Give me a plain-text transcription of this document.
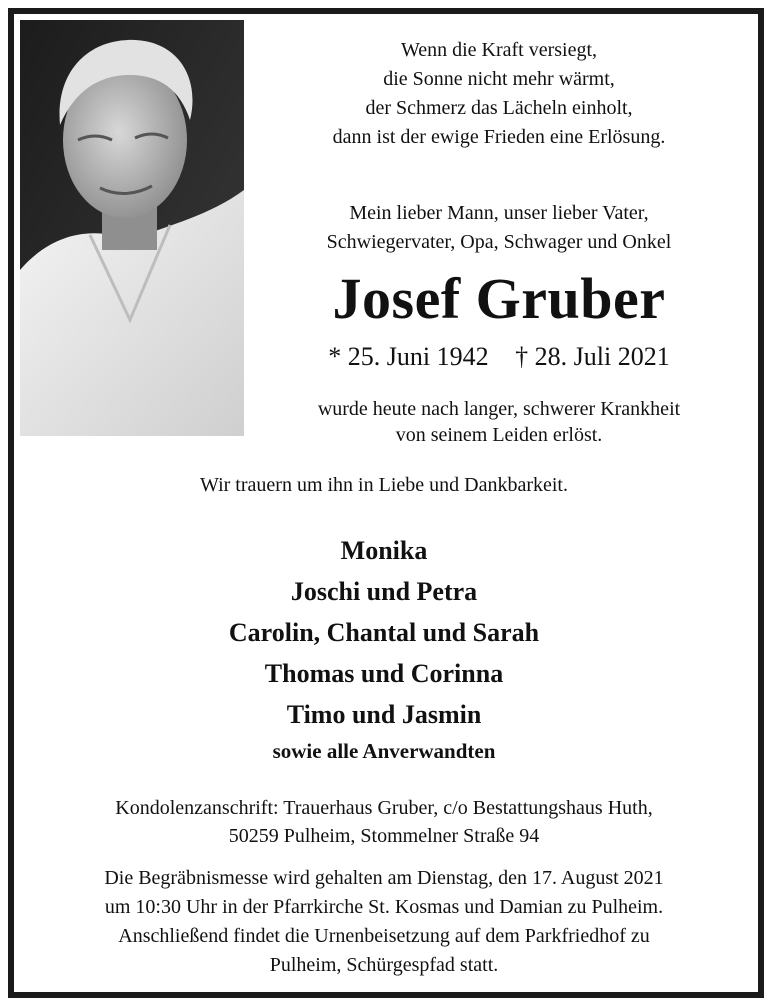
Wenn die Kraft versiegt,
die Sonne nicht mehr wärmt,
der Schmerz das Lächeln einholt,
dann ist der ewige Frieden eine Erlösung.
Mein lieber Mann, unser lieber Vater,
Schwiegervater, Opa, Schwager und Onkel
Josef Gruber
* 25. Juni 1942 † 28. Juli 2021
wurde heute nach langer, schwerer Krankheit
von seinem Leiden erlöst.
Wir trauern um ihn in Liebe und Dankbarkeit.
Monika
Joschi und Petra
Carolin, Chantal und Sarah
Thomas und Corinna
Timo und Jasmin
sowie alle Anverwandten
Kondolenzanschrift: Trauerhaus Gruber, c/o Bestattungshaus Huth,
50259 Pulheim, Stommelner Straße 94
Die Begräbnismesse wird gehalten am Dienstag, den 17. August 2021
um 10:30 Uhr in der Pfarrkirche St. Kosmas und Damian zu Pulheim.
Anschließend findet die Urnenbeisetzung auf dem Parkfriedhof zu
Pulheim, Schürgespfad statt.
